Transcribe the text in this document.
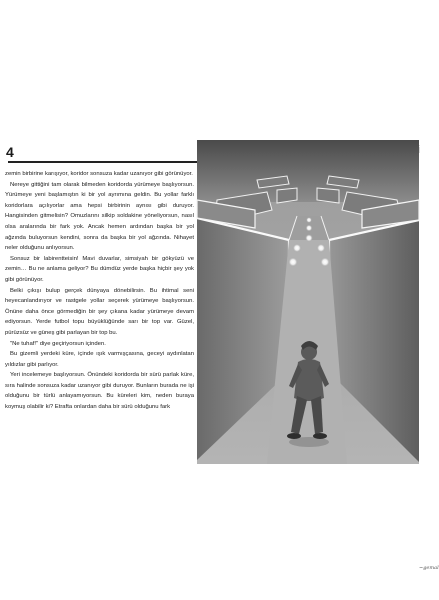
4

zemin birbirine karışıyor, koridor sonsuza kadar uzanıyor gibi görünüyor.

Nereye gittiğini tam olarak bilmeden koridorda yürümeye başlıyorsun. Yürümeye yeni başlamıştın ki bir yol ayrımına geldin. Bu yollar farklı koridorlara açılıyorlar ama hepsi birbirinin aynısı gibi duruyor. Hangisinden gitmelisin? Omuzlarını silkip soldakine yöneliyorsun, nasıl olsa aralarında bir fark yok. Ancak hemen ardından başka bir yol ağzında buluyorsun kendini, sonra da başka bir yol ağzında. Nihayet neler olduğunu anlıyorsun.

Sonsuz bir labirentteisin! Mavi duvarlar, simsiyah bir gökyüzü ve zemin… Bu ne anlama geliyor? Bu dümdüz yerde başka hiçbir şey yok gibi görünüyor.

Belki çıkışı bulup gerçek dünyaya dönebilirsin. Bu ihtimal seni heyecanlandırıyor ve rastgele yollar seçerek yürümeye başlıyorsun. Önüne daha önce görmediğin bir şey çıkana kadar yürümeye devam ediyorsun. Yerde futbol topu büyüklüğünde sarı bir top var. Güzel, pürüzsüz ve güneş gibi parlayan bir top bu.

"Ne tuhaf!" diye geçiriyorsun içinden.

Bu gizemli yerdeki küre, içinde ışık varmışçasına, geceyi aydınlatan yıldızlar gibi parlıyor.

Yeri incelemeye başlıyorsun. Önündeki koridorda bir sürü parlak küre, sıra halinde sonsuza kadar uzanıyor gibi duruyor. Bunların burada ne işi olduğunu bir türlü anlayamıyorsun. Bu küreleri kim, neden buraya koymuş olabilir ki? Etrafta onlardan daha bir sürü olduğunu fark

~gemal
